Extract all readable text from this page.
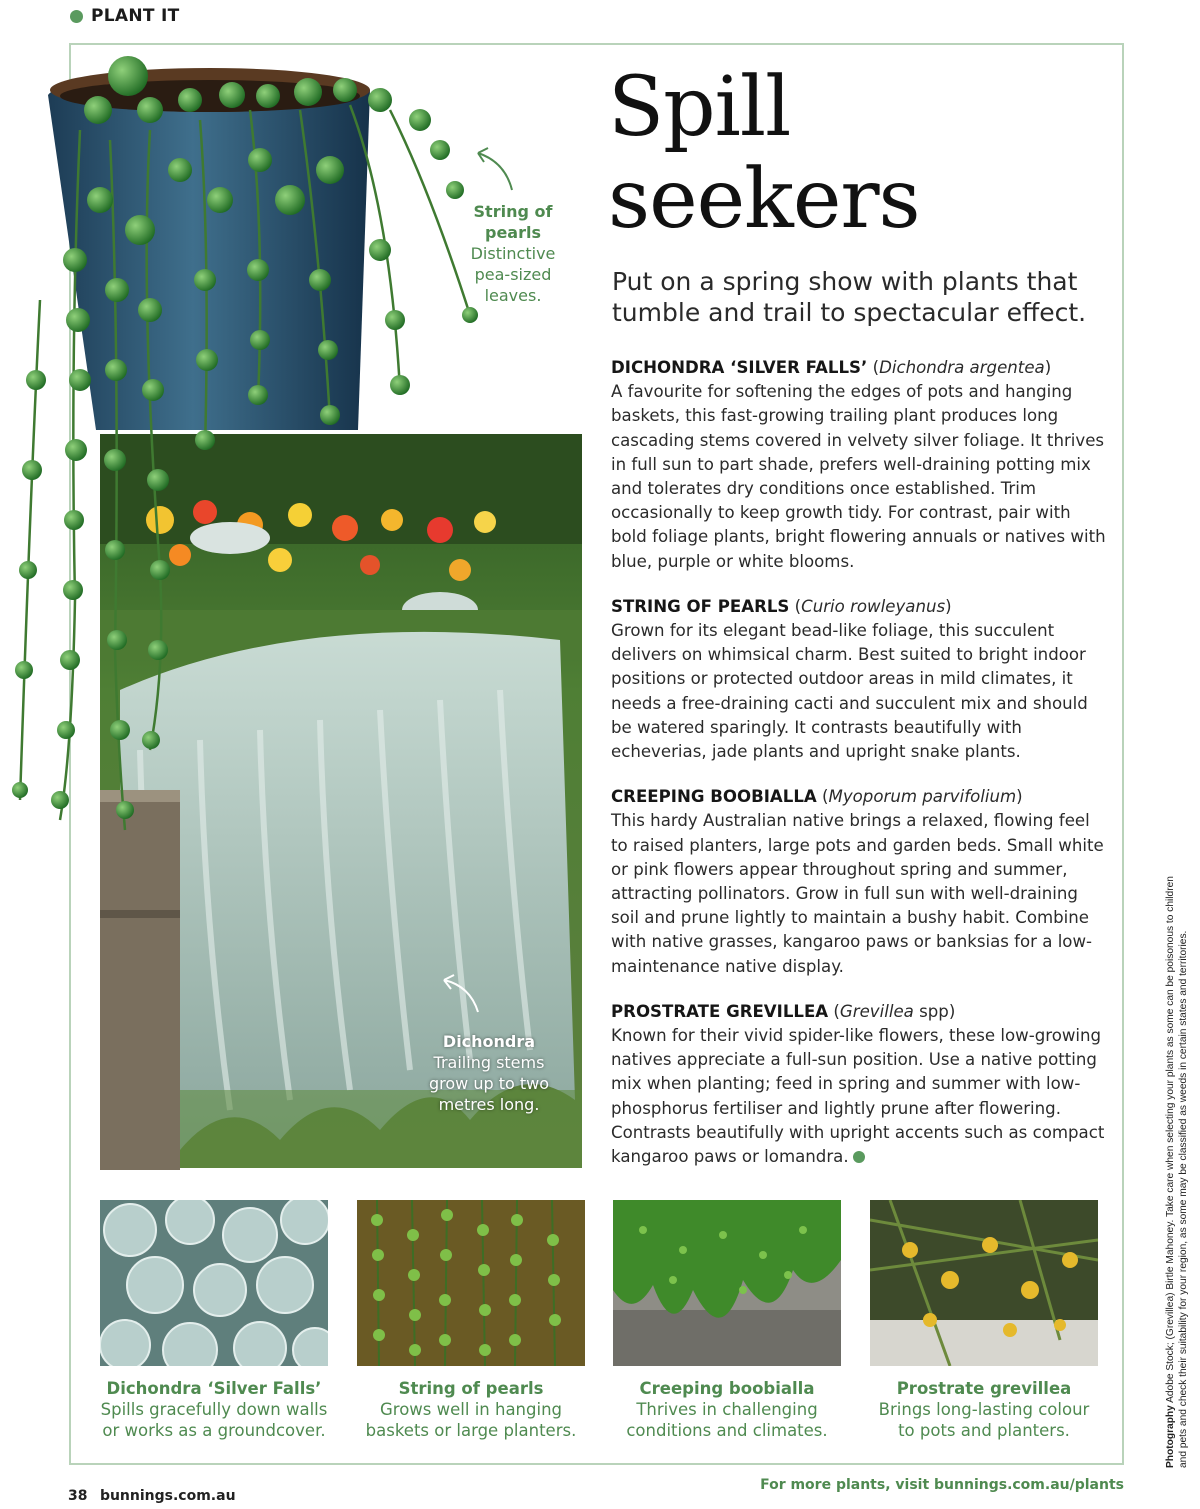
PLANT IT
String of pearls
Distinctive pea-sized leaves.
Dichondra
Trailing stems grow up to two metres long.
Spill
seekers

Put on a spring show with plants that tumble and trail to spectacular effect.

DICHONDRA ‘SILVER FALLS’ (Dichondra argentea)
A favourite for softening the edges of pots and hanging baskets, this fast-growing trailing plant produces long cascading stems covered in velvety silver foliage. It thrives in full sun to part shade, prefers well-draining potting mix and tolerates dry conditions once established. Trim occasionally to keep growth tidy. For contrast, pair with bold foliage plants, bright flowering annuals or natives with blue, purple or white blooms.

STRING OF PEARLS (Curio rowleyanus)
Grown for its elegant bead-like foliage, this succulent delivers on whimsical charm. Best suited to bright indoor positions or protected outdoor areas in mild climates, it needs a free-draining cacti and succulent mix and should be watered sparingly. It contrasts beautifully with echeverias, jade plants and upright snake plants.

CREEPING BOOBIALLA (Myoporum parvifolium)
This hardy Australian native brings a relaxed, flowing feel to raised planters, large pots and garden beds. Small white or pink flowers appear throughout spring and summer, attracting pollinators. Grow in full sun with well-draining soil and prune lightly to maintain a bushy habit. Combine with native grasses, kangaroo paws or banksias for a low-maintenance native display.

PROSTRATE GREVILLEA (Grevillea spp)
Known for their vivid spider-like flowers, these low-growing natives appreciate a full-sun position. Use a native potting mix when planting; feed in spring and summer with low-phosphorus fertiliser and lightly prune after flowering. Contrasts beautifully with upright accents such as compact kangaroo paws or lomandra.

Dichondra ‘Silver Falls’
Spills gracefully down walls or works as a groundcover.
String of pearls
Grows well in hanging baskets or large planters.
Creeping boobialla
Thrives in challenging conditions and climates.
Prostrate grevillea
Brings long-lasting colour to pots and planters.	Photography Adobe Stock; (Grevillea) Birtle Mahoney. Take care when selecting your plants as some can be poisonous to children and pets and check their suitability for your region, as some may be classified as weeds in certain states and territories.
38 bunnings.com.au
For more plants, visit bunnings.com.au/plants
